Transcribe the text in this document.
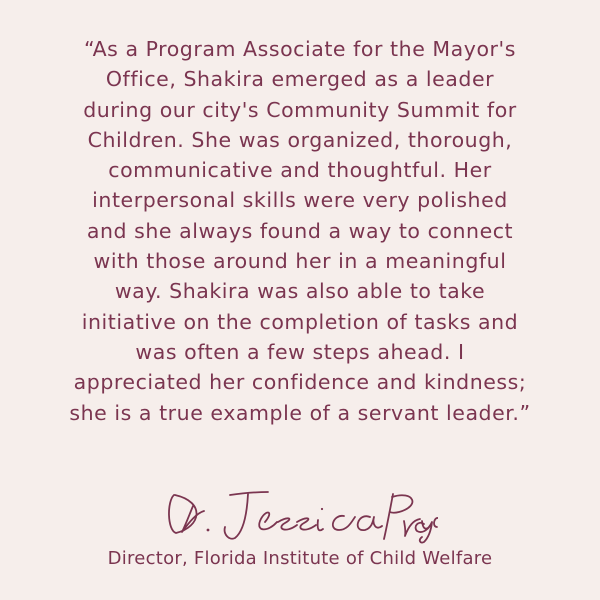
“As a Program Associate for the Mayor's
Office, Shakira emerged as a leader
during our city's Community Summit for
Children. She was organized, thorough,
communicative and thoughtful. Her
interpersonal skills were very polished
and she always found a way to connect
with those around her in a meaningful
way. Shakira was also able to take
initiative on the completion of tasks and
was often a few steps ahead. I
appreciated her confidence and kindness;
she is a true example of a servant leader.”

Director, Florida Institute of Child Welfare
